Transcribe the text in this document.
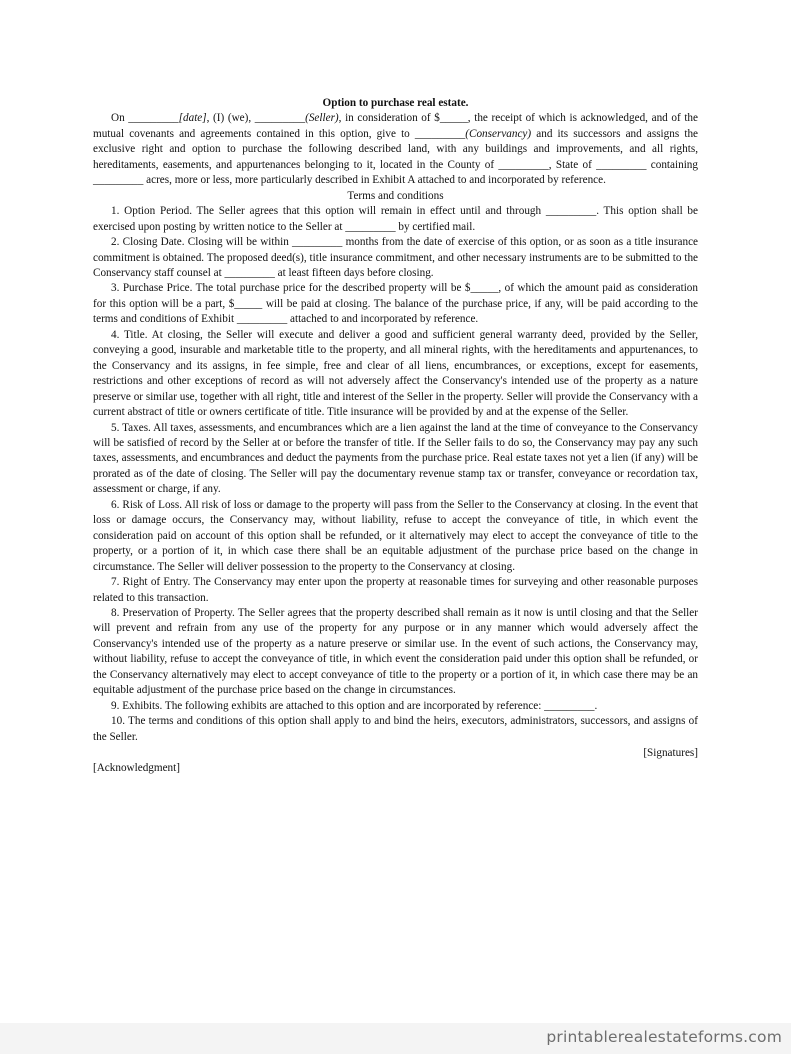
Option to purchase real estate.

On _________[date], (I) (we), _________(Seller), in consideration of $_____, the receipt of which is acknowledged, and of the mutual covenants and agreements contained in this option, give to _________(Conservancy) and its successors and assigns the exclusive right and option to purchase the following described land, with any buildings and improvements, and all rights, hereditaments, easements, and appurtenances belonging to it, located in the County of _________, State of _________ containing _________ acres, more or less, more particularly described in Exhibit A attached to and incorporated by reference.

Terms and conditions

1. Option Period. The Seller agrees that this option will remain in effect until and through _________. This option shall be exercised upon posting by written notice to the Seller at _________ by certified mail.

2. Closing Date. Closing will be within _________ months from the date of exercise of this option, or as soon as a title insurance commitment is obtained. The proposed deed(s), title insurance commitment, and other necessary instruments are to be submitted to the Conservancy staff counsel at _________ at least fifteen days before closing.

3. Purchase Price. The total purchase price for the described property will be $_____, of which the amount paid as consideration for this option will be a part, $_____ will be paid at closing. The balance of the purchase price, if any, will be paid according to the terms and conditions of Exhibit _________ attached to and incorporated by reference.

4. Title. At closing, the Seller will execute and deliver a good and sufficient general warranty deed, provided by the Seller, conveying a good, insurable and marketable title to the property, and all mineral rights, with the hereditaments and appurtenances, to the Conservancy and its assigns, in fee simple, free and clear of all liens, encumbrances, or exceptions, except for easements, restrictions and other exceptions of record as will not adversely affect the Conservancy's intended use of the property as a nature preserve or similar use, together with all right, title and interest of the Seller in the property. Seller will provide the Conservancy with a current abstract of title or owners certificate of title. Title insurance will be provided by and at the expense of the Seller.

5. Taxes. All taxes, assessments, and encumbrances which are a lien against the land at the time of conveyance to the Conservancy will be satisfied of record by the Seller at or before the transfer of title. If the Seller fails to do so, the Conservancy may pay any such taxes, assessments, and encumbrances and deduct the payments from the purchase price. Real estate taxes not yet a lien (if any) will be prorated as of the date of closing. The Seller will pay the documentary revenue stamp tax or transfer, conveyance or recordation tax, assessment or charge, if any.

6. Risk of Loss. All risk of loss or damage to the property will pass from the Seller to the Conservancy at closing. In the event that loss or damage occurs, the Conservancy may, without liability, refuse to accept the conveyance of title, in which event the consideration paid on account of this option shall be refunded, or it alternatively may elect to accept the conveyance of title to the property, or a portion of it, in which case there shall be an equitable adjustment of the purchase price based on the change in circumstance. The Seller will deliver possession to the property to the Conservancy at closing.

7. Right of Entry. The Conservancy may enter upon the property at reasonable times for surveying and other reasonable purposes related to this transaction.

8. Preservation of Property. The Seller agrees that the property described shall remain as it now is until closing and that the Seller will prevent and refrain from any use of the property for any purpose or in any manner which would adversely affect the Conservancy's intended use of the property as a nature preserve or similar use. In the event of such actions, the Conservancy may, without liability, refuse to accept the conveyance of title, in which event the consideration paid under this option shall be refunded, or the Conservancy alternatively may elect to accept conveyance of title to the property or a portion of it, in which case there may be an equitable adjustment of the purchase price based on the change in circumstances.

9. Exhibits. The following exhibits are attached to this option and are incorporated by reference: _________.

10. The terms and conditions of this option shall apply to and bind the heirs, executors, administrators, successors, and assigns of the Seller.

[Signatures]

[Acknowledgment]

printablerealestateforms.com
